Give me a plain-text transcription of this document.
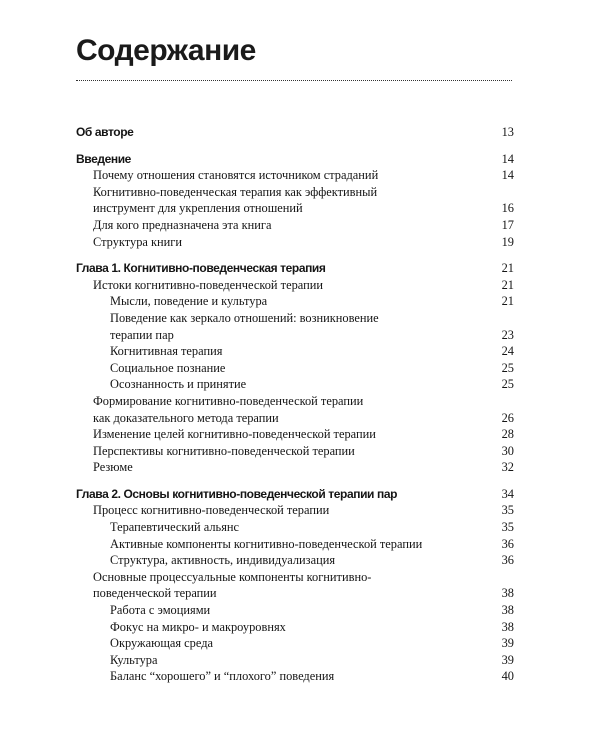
Содержание
Об авторе	13
Введение	14
Почему отношения становятся источником страданий	14
Когнитивно-поведенческая терапия как эффективный
инструмент для укрепления отношений	16
Для кого предназначена эта книга	17
Структура книги	19
Глава 1. Когнитивно-поведенческая терапия	21
Истоки когнитивно-поведенческой терапии	21
Мысли, поведение и культура	21
Поведение как зеркало отношений: возникновение
терапии пар	23
Когнитивная терапия	24
Социальное познание	25
Осознанность и принятие	25
Формирование когнитивно-поведенческой терапии
как доказательного метода терапии	26
Изменение целей когнитивно-поведенческой терапии	28
Перспективы когнитивно-поведенческой терапии	30
Резюме	32
Глава 2. Основы когнитивно-поведенческой терапии пар	34
Процесс когнитивно-поведенческой терапии	35
Терапевтический альянс	35
Активные компоненты когнитивно-поведенческой терапии	36
Структура, активность, индивидуализация	36
Основные процессуальные компоненты когнитивно-
поведенческой терапии	38
Работа с эмоциями	38
Фокус на микро- и макроуровнях	38
Окружающая среда	39
Культура	39
Баланс “хорошего” и “плохого” поведения	40
